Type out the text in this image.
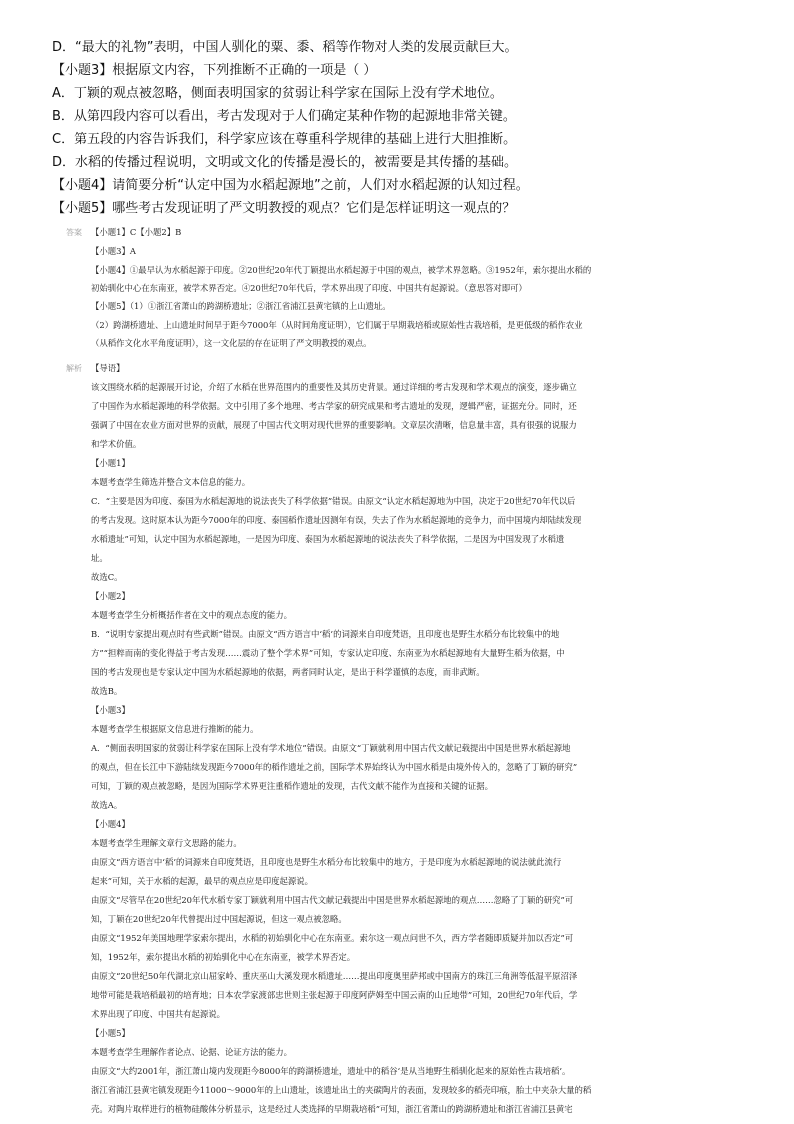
D．“最大的礼物”表明，中国人驯化的粟、黍、稻等作物对人类的发展贡献巨大。
【小题3】根据原文内容，下列推断不正确的一项是（ ）
A．丁颖的观点被忽略，侧面表明国家的贫弱让科学家在国际上没有学术地位。
B．从第四段内容可以看出，考古发现对于人们确定某种作物的起源地非常关键。
C．第五段的内容告诉我们，科学家应该在尊重科学规律的基础上进行大胆推断。
D．水稻的传播过程说明，文明或文化的传播是漫长的，被需要是其传播的基础。
【小题4】请简要分析“认定中国为水稻起源地”之前，人们对水稻起源的认知过程。
【小题5】哪些考古发现证明了严文明教授的观点？它们是怎样证明这一观点的？
答案 【小题1】C【小题2】B
【小题3】A
【小题4】①最早认为水稻起源于印度。②20世纪20年代丁颖提出水稻起源于中国的观点，被学术界忽略。③1952年，索尔提出水稻的
初始驯化中心在东南亚，被学术界否定。④20世纪70年代后，学术界出现了印度、中国共有起源说。（意思答对即可）
【小题5】（1）①浙江省萧山的跨湖桥遗址；②浙江省浦江县黄宅镇的上山遗址。
（2）跨湖桥遗址、上山遗址时间早于距今7000年（从时间角度证明），它们属于早期栽培稻或原始性古栽培稻，是更低级的稻作农业
（从稻作文化水平角度证明），这一文化层的存在证明了严文明教授的观点。
解析 【导语】
该文围绕水稻的起源展开讨论，介绍了水稻在世界范围内的重要性及其历史背景。通过详细的考古发现和学术观点的演变，逐步确立
了中国作为水稻起源地的科学依据。文中引用了多个地理、考古学家的研究成果和考古遗址的发现，逻辑严密，证据充分。同时，还
强调了中国在农业方面对世界的贡献，展现了中国古代文明对现代世界的重要影响。文章层次清晰，信息量丰富，具有很强的说服力
和学术价值。
【小题1】
本题考查学生筛选并整合文本信息的能力。
C．“主要是因为印度、泰国为水稻起源地的说法丧失了科学依据”错误。由原文“认定水稻起源地为中国，决定于20世纪70年代以后
的考古发现。这时原本认为距今7000年的印度、泰国稻作遗址因测年有误，失去了作为水稻起源地的竞争力，而中国境内却陆续发现
水稻遗址”可知，认定中国为水稻起源地，一是因为印度、泰国为水稻起源地的说法丧失了科学依据，二是因为中国发现了水稻遗
址。
故选C。
【小题2】
本题考查学生分析概括作者在文中的观点态度的能力。
B．“说明专家提出观点时有些武断”错误。由原文“西方语言中‘稻’的词源来自印度梵语，且印度也是野生水稻分布比较集中的地
方”“担粹而南的变化得益于考古发现……震动了整个学术界”可知，专家认定印度、东南亚为水稻起源地有大量野生稻为依据，中
国的考古发现也是专家认定中国为水稻起源地的依据，两者同时认定，是出于科学谨慎的态度，而非武断。
故选B。
【小题3】
本题考查学生根据原文信息进行推断的能力。
A．“侧面表明国家的贫弱让科学家在国际上没有学术地位”错误。由原文“丁颖就利用中国古代文献记载提出中国是世界水稻起源地
的观点，但在长江中下游陆续发现距今7000年的稻作遗址之前，国际学术界始终认为中国水稻是由境外传入的，忽略了丁颖的研究”
可知，丁颖的观点被忽略，是因为国际学术界更注重稻作遗址的发现，古代文献不能作为直接和关键的证据。
故选A。
【小题4】
本题考查学生理解文章行文思路的能力。
由原文“西方语言中‘稻’的词源来自印度梵语，且印度也是野生水稻分布比较集中的地方，于是印度为水稻起源地的说法就此流行
起来”可知，关于水稻的起源，最早的观点应是印度起源说。
由原文“尽管早在20世纪20年代水稻专家丁颖就利用中国古代文献记载提出中国是世界水稻起源地的观点……忽略了丁颖的研究”可
知，丁颖在20世纪20年代曾提出过中国起源说，但这一观点被忽略。
由原文“1952年美国地理学家索尔提出，水稻的初始驯化中心在东南亚。索尔这一观点问世不久，西方学者随即质疑并加以否定”可
知，1952年，索尔提出水稻的初始驯化中心在东南亚，被学术界否定。
由原文“20世纪50年代湖北京山屈家岭、重庆巫山大溪发现水稻遗址……提出印度奥里萨邦或中国南方的珠江三角洲等低湿平原沼泽
地带可能是栽培稻最初的培育地；日本农学家渡部忠世则主张起源于印度阿萨姆至中国云南的山丘地带”可知，20世纪70年代后，学
术界出现了印度、中国共有起源说。
【小题5】
本题考查学生理解作者论点、论据、论证方法的能力。
由原文“大约2001年，浙江萧山境内发现距今8000年的跨湖桥遗址，遗址中的稻谷‘是从当地野生稻驯化起来的原始性古栽培稻’。
浙江省浦江县黄宅镇发现距今11000～9000年的上山遗址，该遗址出土的夹碳陶片的表面，发现较多的稻壳印痕，胎土中夹杂大量的稻
壳。对陶片取样进行的植物硅酸体分析显示，这是经过人类选择的早期栽培稻”可知，浙江省萧山的跨湖桥遗址和浙江省浦江县黄宅
